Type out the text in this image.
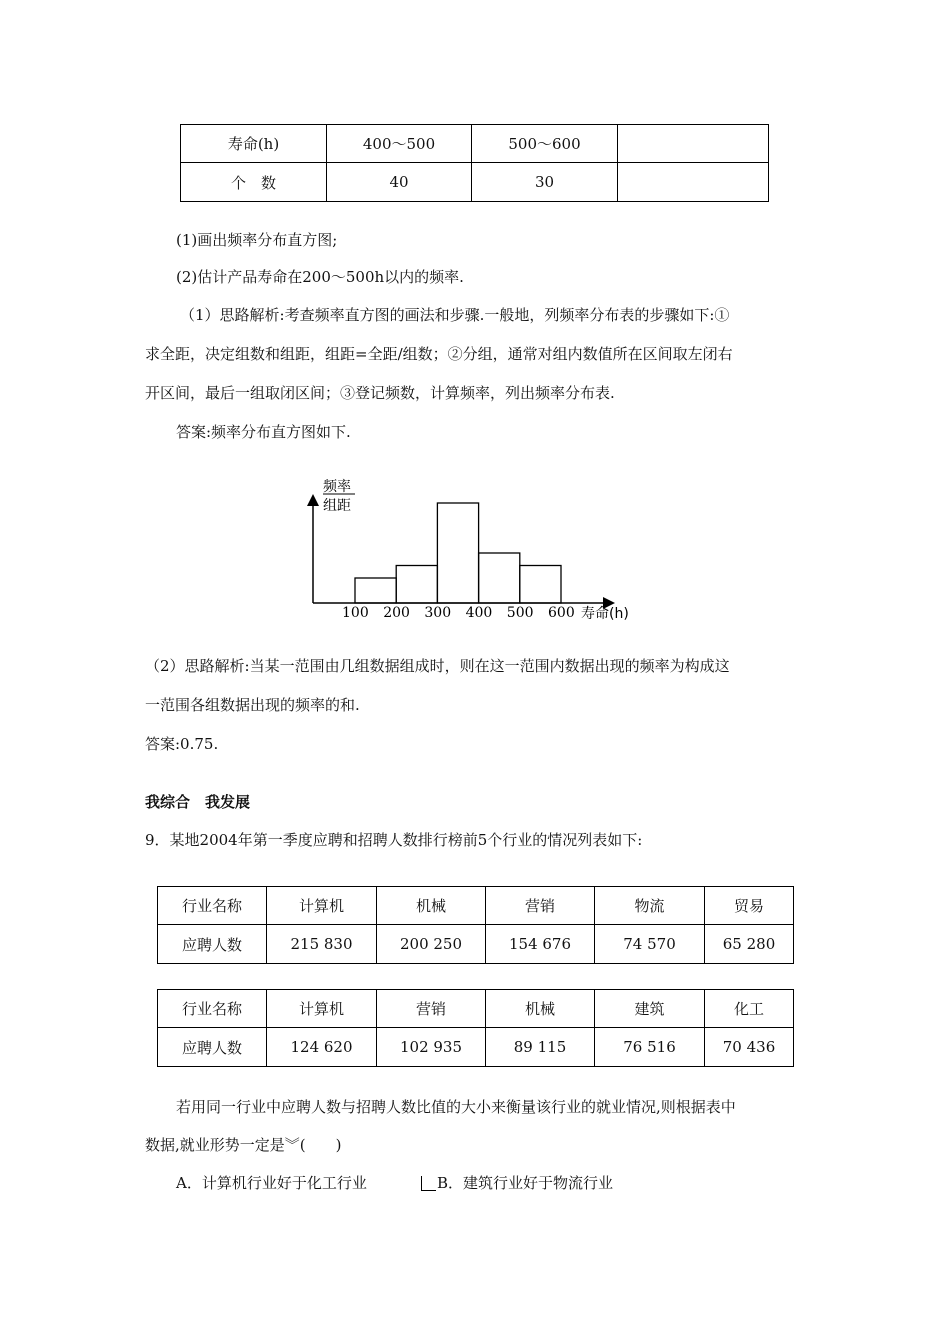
寿命(h)	400～500	500～600	
个　数	40	30	
(1)画出频率分布直方图;
(2)估计产品寿命在200～500h以内的频率.
（1）思路解析:考查频率直方图的画法和步骤.一般地，列频率分布表的步骤如下:①
求全距，决定组数和组距，组距=全距/组数；②分组，通常对组内数值所在区间取左闭右
开区间，最后一组取闭区间；③登记频数，计算频率，列出频率分布表.
答案:频率分布直方图如下.
频率
组距
100 200 300 400 500 600 寿命(h)
（2）思路解析:当某一范围由几组数据组成时，则在这一范围内数据出现的频率为构成这
一范围各组数据出现的频率的和.
答案:0.75.
我综合　我发展
9．某地2004年第一季度应聘和招聘人数排行榜前5个行业的情况列表如下:
行业名称	计算机	机械	营销	物流	贸易
应聘人数	215 830	200 250	154 676	74 570	65 280
行业名称	计算机	营销	机械	建筑	化工
应聘人数	124 620	102 935	89 115	76 516	70 436
若用同一行业中应聘人数与招聘人数比值的大小来衡量该行业的就业情况,则根据表中
数据,就业形势一定是︾(　　)
A．计算机行业好于化工行业	B．建筑行业好于物流行业
